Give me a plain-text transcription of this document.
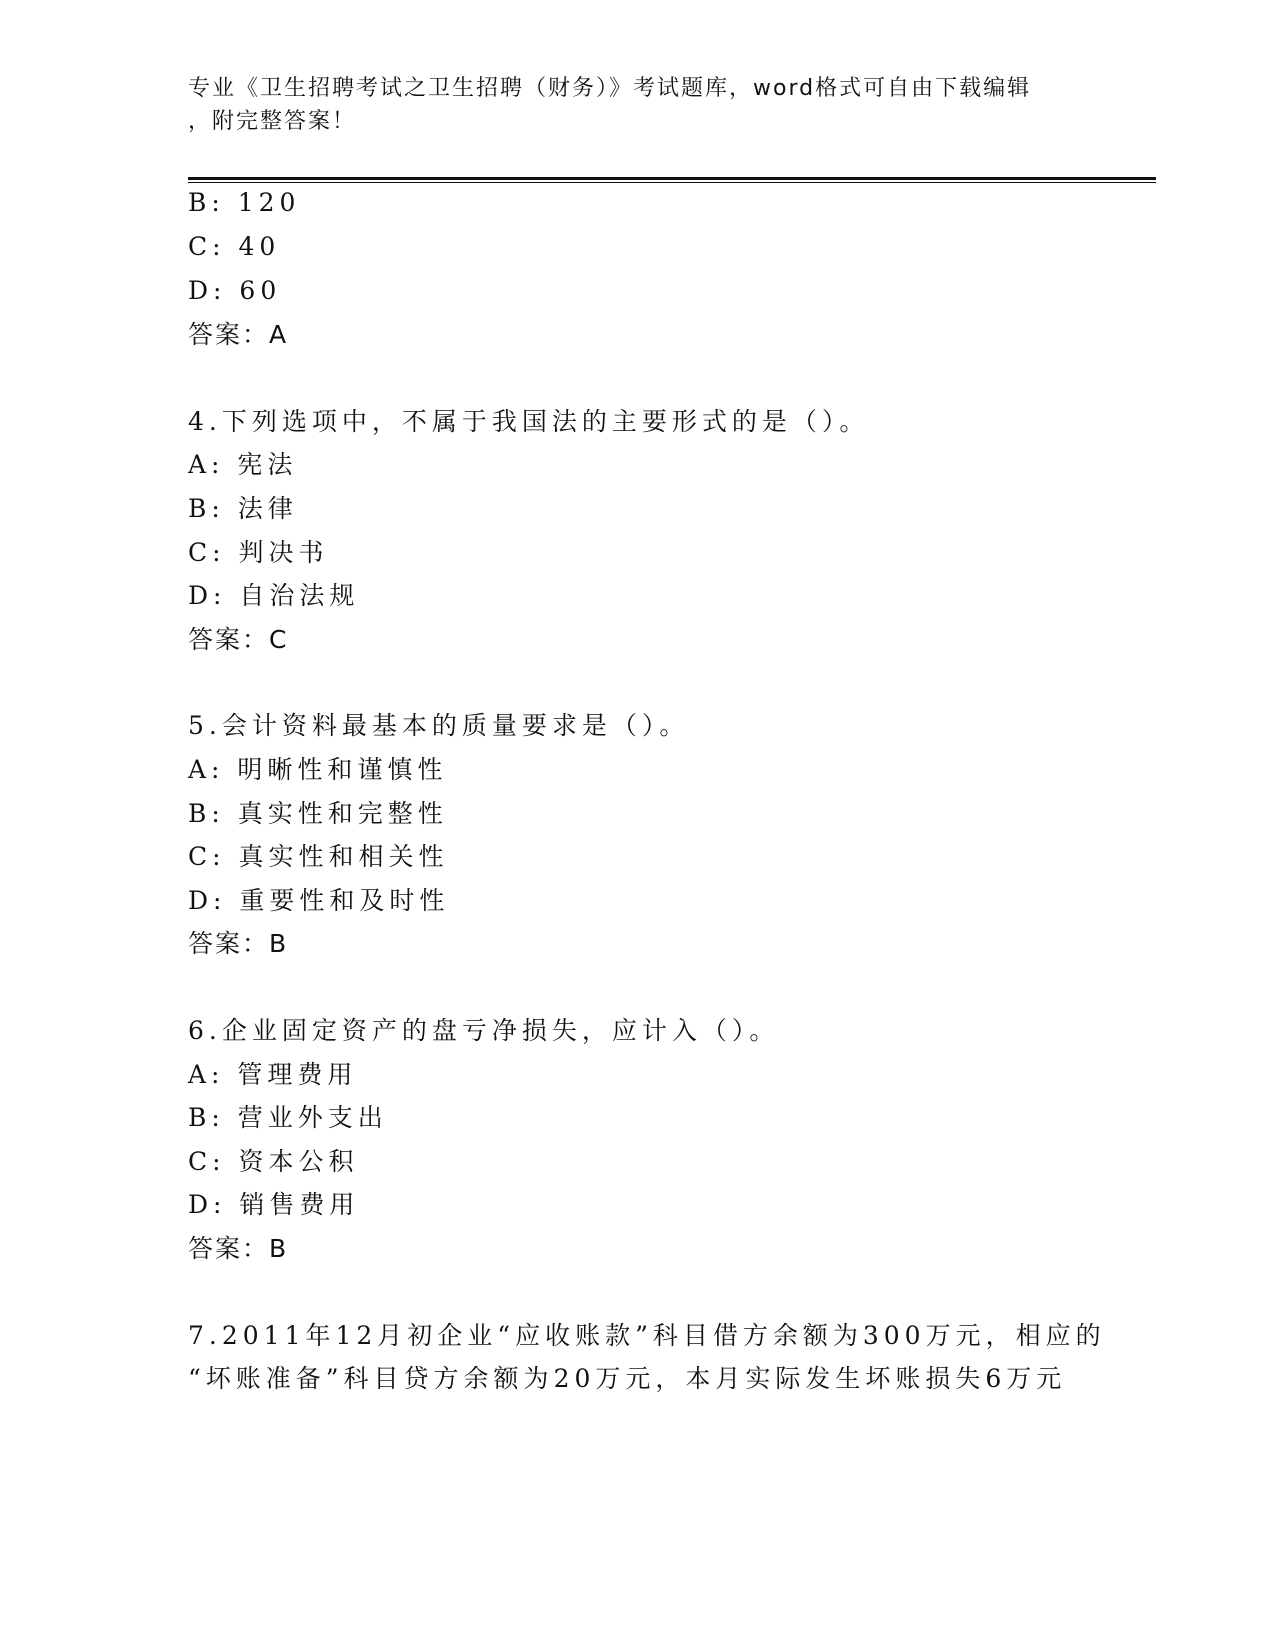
专业《卫生招聘考试之卫生招聘（财务）》考试题库，word格式可自由下载编辑
，附完整答案！
B: 120
C: 40
D: 60
答案：A
4.下列选项中，不属于我国法的主要形式的是（）。
A: 宪法
B: 法律
C: 判决书
D: 自治法规
答案：C
5.会计资料最基本的质量要求是（）。
A: 明晰性和谨慎性
B: 真实性和完整性
C: 真实性和相关性
D: 重要性和及时性
答案：B
6.企业固定资产的盘亏净损失，应计入（）。
A: 管理费用
B: 营业外支出
C: 资本公积
D: 销售费用
答案：B
7.2011年12月初企业“应收账款”科目借方余额为300万元，相应的
“坏账准备”科目贷方余额为20万元，本月实际发生坏账损失6万元
